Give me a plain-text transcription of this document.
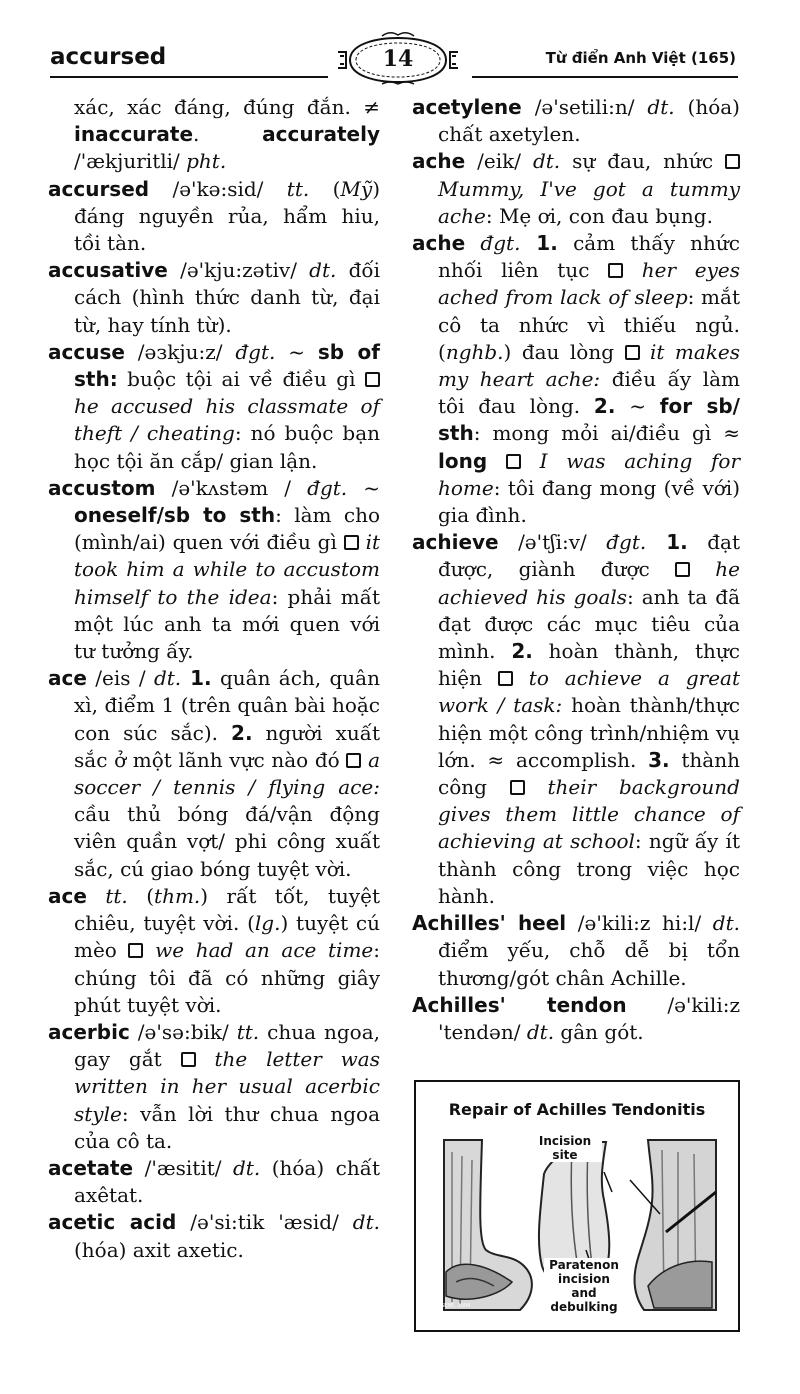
accursed	14	Từ điển Anh Việt (165)

xác, xác đáng, đúng đắn. ≠ inaccurate. accurately /'ækjuritli/ pht.

accursed /ə'kə:sid/ tt. (Mỹ) đáng nguyền rủa, hẩm hiu, tồi tàn.

accusative /ə'kju:zətiv/ dt. đối cách (hình thức danh từ, đại từ, hay tính từ).

accuse /əзkju:z/ đgt. ~ sb of sth: buộc tội ai về điều gì  he accused his classmate of theft / cheating: nó buộc bạn học tội ăn cắp/ gian lận.

accustom /ə'kʌstəm / đgt. ~ oneself/sb to sth: làm cho (mình/ai) quen với điều gì  it took him a while to accustom himself to the idea: phải mất một lúc anh ta mới quen với tư tưởng ấy.

ace /eis / dt. 1. quân ách, quân xì, điểm 1 (trên quân bài hoặc con súc sắc). 2. người xuất sắc ở một lãnh vực nào đó  a soccer / tennis / flying ace: cầu thủ bóng đá/vận động viên quần vợt/ phi công xuất sắc, cú giao bóng tuyệt vời.

ace tt. (thm.) rất tốt, tuyệt chiêu, tuyệt vời. (lg.) tuyệt cú mèo  we had an ace time: chúng tôi đã có những giây phút tuyệt vời.

acerbic /ə'sə:bik/ tt. chua ngoa, gay gắt  the letter was written in her usual acerbic style: vẫn lời thư chua ngoa của cô ta.

acetate /'æsitit/ dt. (hóa) chất axêtat.

acetic acid /ə'si:tik 'æsid/ dt. (hóa) axit axetic.

acetylene /ə'setili:n/ dt. (hóa) chất axetylen.

ache /eik/ dt. sự đau, nhức  Mummy, I've got a tummy ache: Mẹ ơi, con đau bụng.

ache đgt. 1. cảm thấy nhức nhối liên tục  her eyes ached from lack of sleep: mắt cô ta nhức vì thiếu ngủ. (nghb.) đau lòng  it makes my heart ache: điều ấy làm tôi đau lòng. 2. ~ for sb/ sth: mong mỏi ai/điều gì ≈ long	I was aching for home: tôi đang mong (về với) gia đình.

achieve /ə'tʃi:v/ đgt. 1. đạt được, giành được  he achieved his goals: anh ta đã đạt được các mục tiêu của mình. 2. hoàn thành, thực hiện  to achieve a great work / task: hoàn thành/thực hiện một công trình/nhiệm vụ lớn. ≈ accomplish. 3. thành công  their background gives them little chance of achieving at school: ngữ ấy ít thành công trong việc học hành.

Achilles' heel /ə'kili:z hi:l/ dt. điểm yếu, chỗ dễ bị tổn thương/gót chân Achille.

Achilles' tendon /ə'kili:z 'tendən/ dt. gân gót.

Repair of Achilles Tendonitis
Incision
site
Paratenon
incision
and
debulking
©SENE, 2004
